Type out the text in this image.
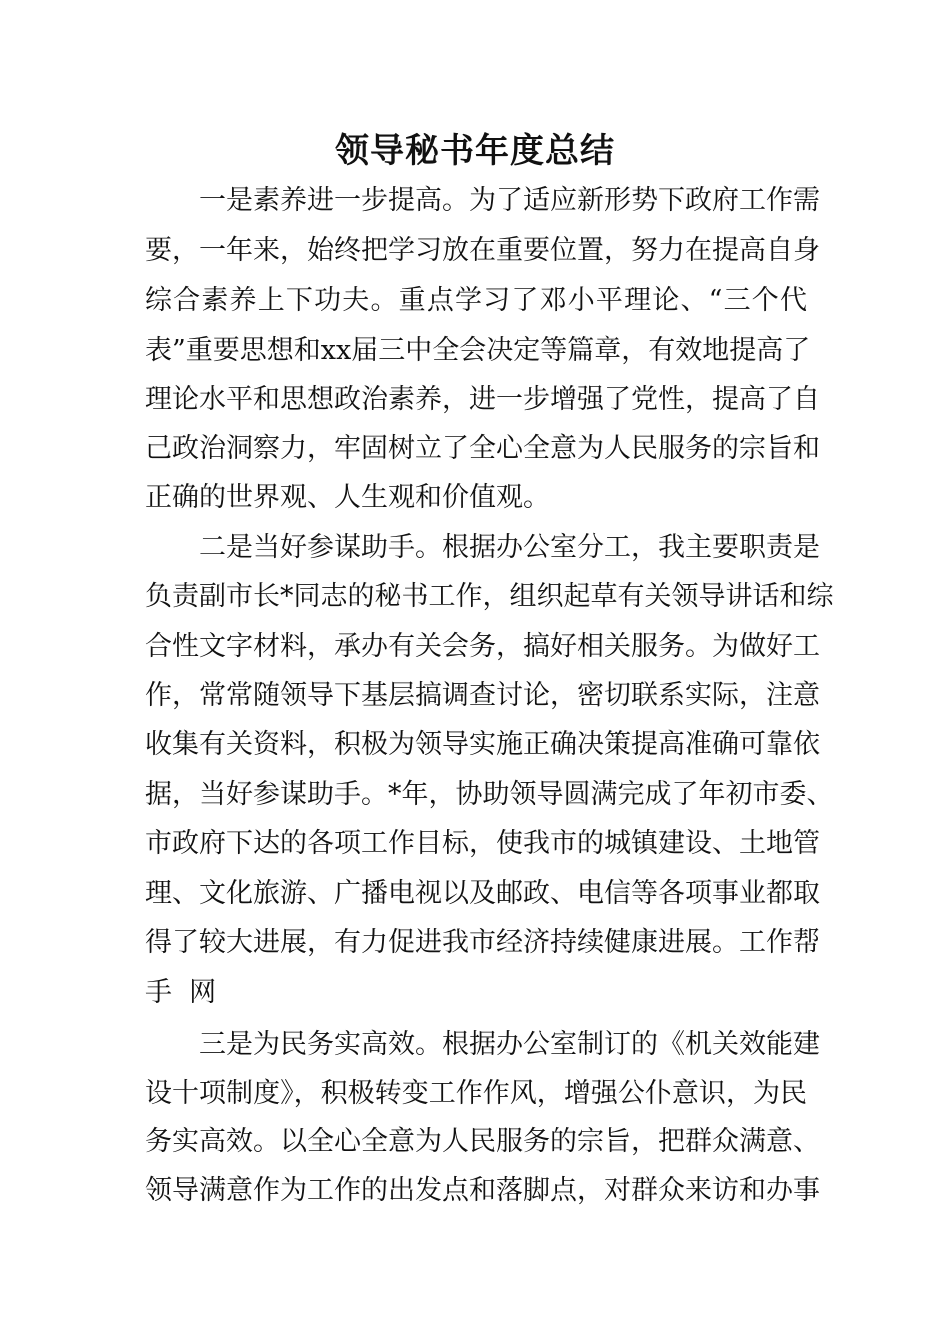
领导秘书年度总结
一是素养进一步提高。为了适应新形势下政府工作需
要，一年来，始终把学习放在重要位置，努力在提高自身
综合素养上下功夫。重点学习了邓小平理论、“三个代
表”重要思想和xx届三中全会决定等篇章，有效地提高了
理论水平和思想政治素养，进一步增强了党性，提高了自
己政治洞察力，牢固树立了全心全意为人民服务的宗旨和
正确的世界观、人生观和价值观。
二是当好参谋助手。根据办公室分工，我主要职责是
负责副市长*同志的秘书工作，组织起草有关领导讲话和综
合性文字材料，承办有关会务，搞好相关服务。为做好工
作，常常随领导下基层搞调查讨论，密切联系实际，注意
收集有关资料，积极为领导实施正确决策提高准确可靠依
据，当好参谋助手。*年，协助领导圆满完成了年初市委、
市政府下达的各项工作目标，使我市的城镇建设、土地管
理、文化旅游、广播电视以及邮政、电信等各项事业都取
得了较大进展，有力促进我市经济持续健康进展。工作帮
手  网
三是为民务实高效。根据办公室制订的《机关效能建
设十项制度》，积极转变工作作风，增强公仆意识，为民
务实高效。以全心全意为人民服务的宗旨，把群众满意、
领导满意作为工作的出发点和落脚点，对群众来访和办事
